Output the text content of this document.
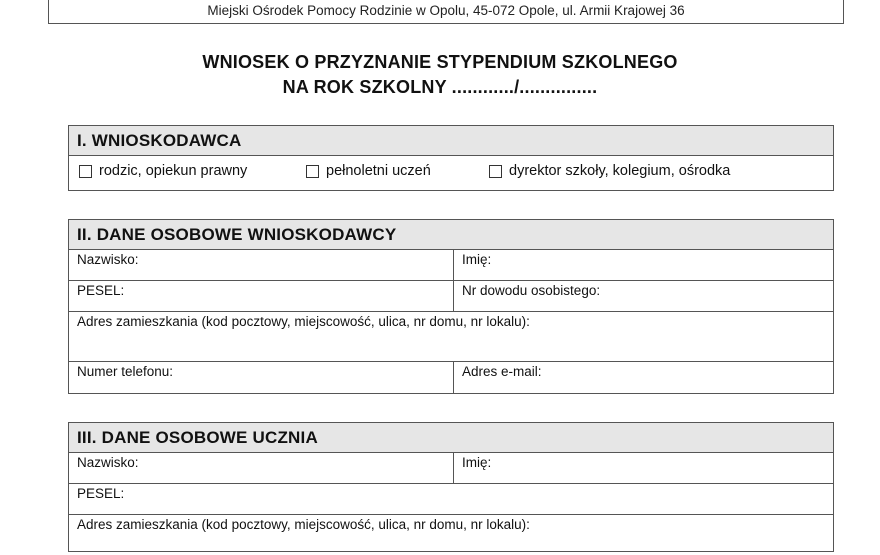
Miejski Ośrodek Pomocy Rodzinie w Opolu, 45-072 Opole, ul. Armii Krajowej 36
WNIOSEK O PRZYZNANIE STYPENDIUM SZKOLNEGO
NA ROK SZKOLNY ............/...............
I. WNIOSKODAWCA
rodzic, opiekun prawny	pełnoletni uczeń	dyrektor szkoły, kolegium, ośrodka
II. DANE OSOBOWE WNIOSKODAWCY
Nazwisko:	Imię:
PESEL:	Nr dowodu osobistego:
Adres zamieszkania (kod pocztowy, miejscowość, ulica, nr domu, nr lokalu):
Numer telefonu:	Adres e-mail:
III. DANE OSOBOWE UCZNIA
Nazwisko:	Imię:
PESEL:
Adres zamieszkania (kod pocztowy, miejscowość, ulica, nr domu, nr lokalu):
